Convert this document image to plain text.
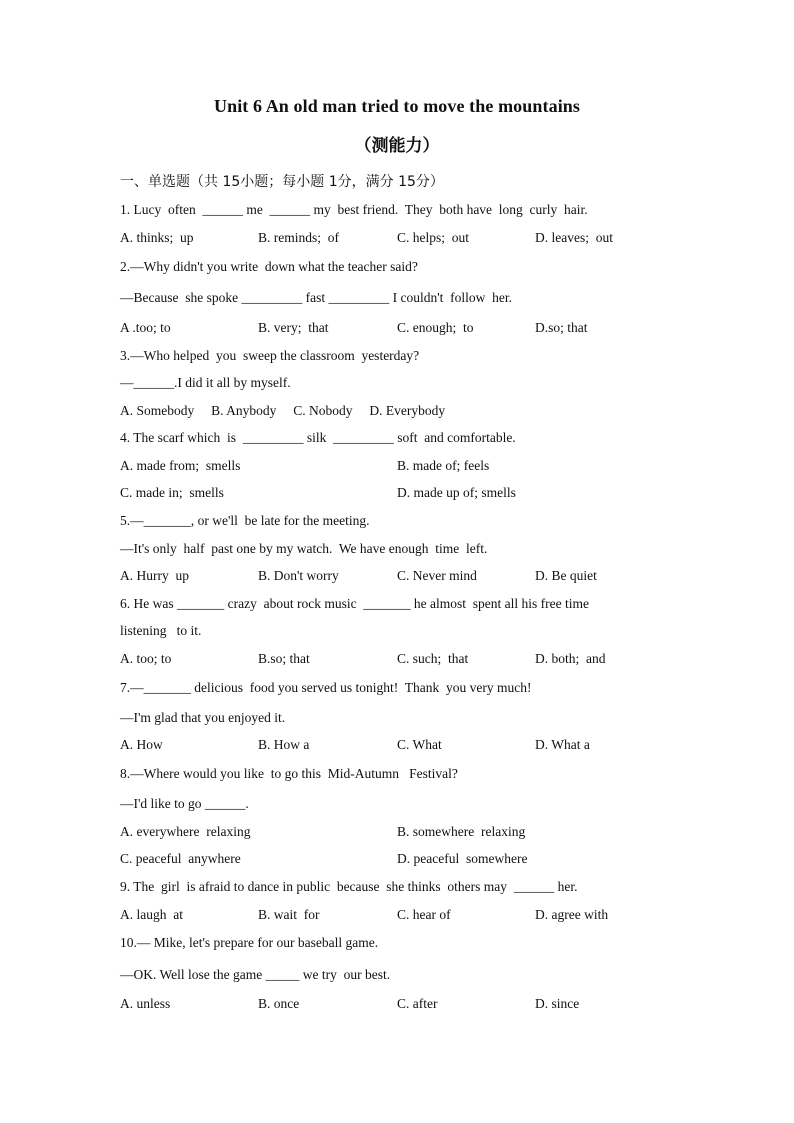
Unit 6 An old man tried to move the mountains
（测能力）
一、单选题（共 15小题；每小题 1分，满分 15分）
1. Lucy  often  ______ me  ______ my  best friend.  They  both have  long  curly  hair.
A. thinks;  up	B. reminds;  of	C. helps;  out	D. leaves;  out
2.—Why didn't you write  down what the teacher said?
—Because  she spoke _________ fast _________ I couldn't  follow  her.
A .too; to	B. very;  that	C. enough;  to	D.so; that
3.—Who helped  you  sweep the classroom  yesterday?
—______.I did it all by myself.
A. Somebody     B. Anybody     C. Nobody     D. Everybody
4. The scarf which  is  _________ silk  _________ soft  and comfortable.
A. made from;  smells	B. made of; feels
C. made in;  smells	D. made up of; smells
5.—_______, or we'll  be late for the meeting.
—It's only  half  past one by my watch.  We have enough  time  left.
A. Hurry  up	B. Don't worry	C. Never mind	D. Be quiet
6. He was _______ crazy  about rock music  _______ he almost  spent all his free time
listening   to it.
A. too; to	B.so; that	C. such;  that	D. both;  and
7.—_______ delicious  food you served us tonight!  Thank  you very much!
—I'm glad that you enjoyed it.
A. How	B. How a	C. What	D. What a
8.—Where would you like  to go this  Mid-Autumn   Festival?
—I'd like to go ______.
A. everywhere  relaxing	B. somewhere  relaxing
C. peaceful  anywhere	D. peaceful  somewhere
9. The  girl  is afraid to dance in public  because  she thinks  others may  ______ her.
A. laugh  at	B. wait  for	C. hear of	D. agree with
10.— Mike, let's prepare for our baseball game.
—OK. Well lose the game _____ we try  our best.
A. unless	B. once	C. after	D. since
